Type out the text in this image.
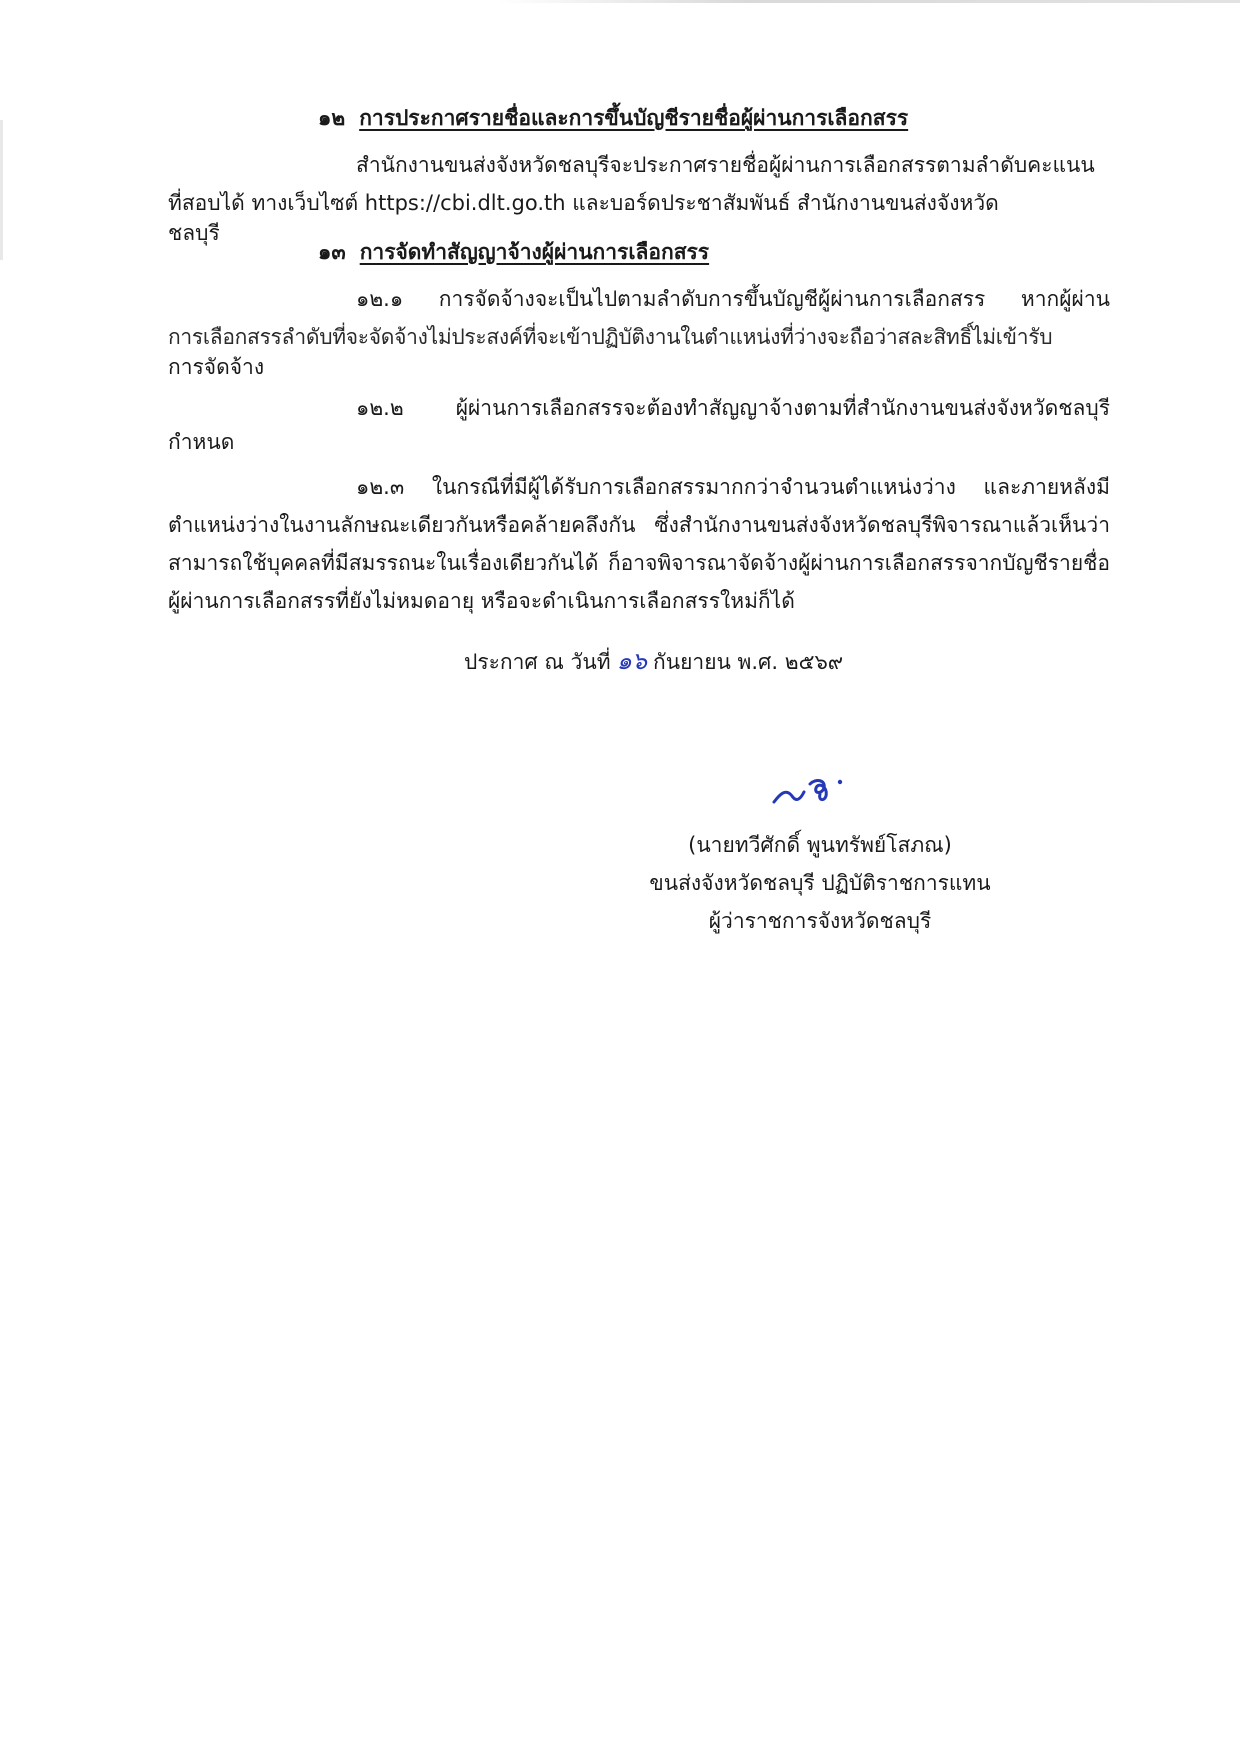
๑๒ การประกาศรายชื่อและการขึ้นบัญชีรายชื่อผู้ผ่านการเลือกสรร
สำนักงานขนส่งจังหวัดชลบุรีจะประกาศรายชื่อผู้ผ่านการเลือกสรรตามลำดับคะแนน
ที่สอบได้ ทางเว็บไซต์ https://cbi.dlt.go.th และบอร์ดประชาสัมพันธ์ สำนักงานขนส่งจังหวัดชลบุรี
๑๓ การจัดทำสัญญาจ้างผู้ผ่านการเลือกสรร
๑๒.๑ การจัดจ้างจะเป็นไปตามลำดับการขึ้นบัญชีผู้ผ่านการเลือกสรร หากผู้ผ่าน
การเลือกสรรลำดับที่จะจัดจ้างไม่ประสงค์ที่จะเข้าปฏิบัติงานในตำแหน่งที่ว่างจะถือว่าสละสิทธิ์ไม่เข้ารับ
การจัดจ้าง
๑๒.๒ ผู้ผ่านการเลือกสรรจะต้องทำสัญญาจ้างตามที่สำนักงานขนส่งจังหวัดชลบุรี
กำหนด
๑๒.๓ ในกรณีที่มีผู้ได้รับการเลือกสรรมากกว่าจำนวนตำแหน่งว่าง และภายหลังมี
ตำแหน่งว่างในงานลักษณะเดียวกันหรือคล้ายคลึงกัน ซึ่งสำนักงานขนส่งจังหวัดชลบุรีพิจารณาแล้วเห็นว่า
สามารถใช้บุคคลที่มีสมรรถนะในเรื่องเดียวกันได้ ก็อาจพิจารณาจัดจ้างผู้ผ่านการเลือกสรรจากบัญชีรายชื่อ
ผู้ผ่านการเลือกสรรที่ยังไม่หมดอายุ หรือจะดำเนินการเลือกสรรใหม่ก็ได้
ประกาศ ณ วันที่ ๑๖ กันยายน พ.ศ. ๒๕๖๙
(นายทวีศักดิ์ พูนทรัพย์โสภณ)
ขนส่งจังหวัดชลบุรี ปฏิบัติราชการแทน
ผู้ว่าราชการจังหวัดชลบุรี
